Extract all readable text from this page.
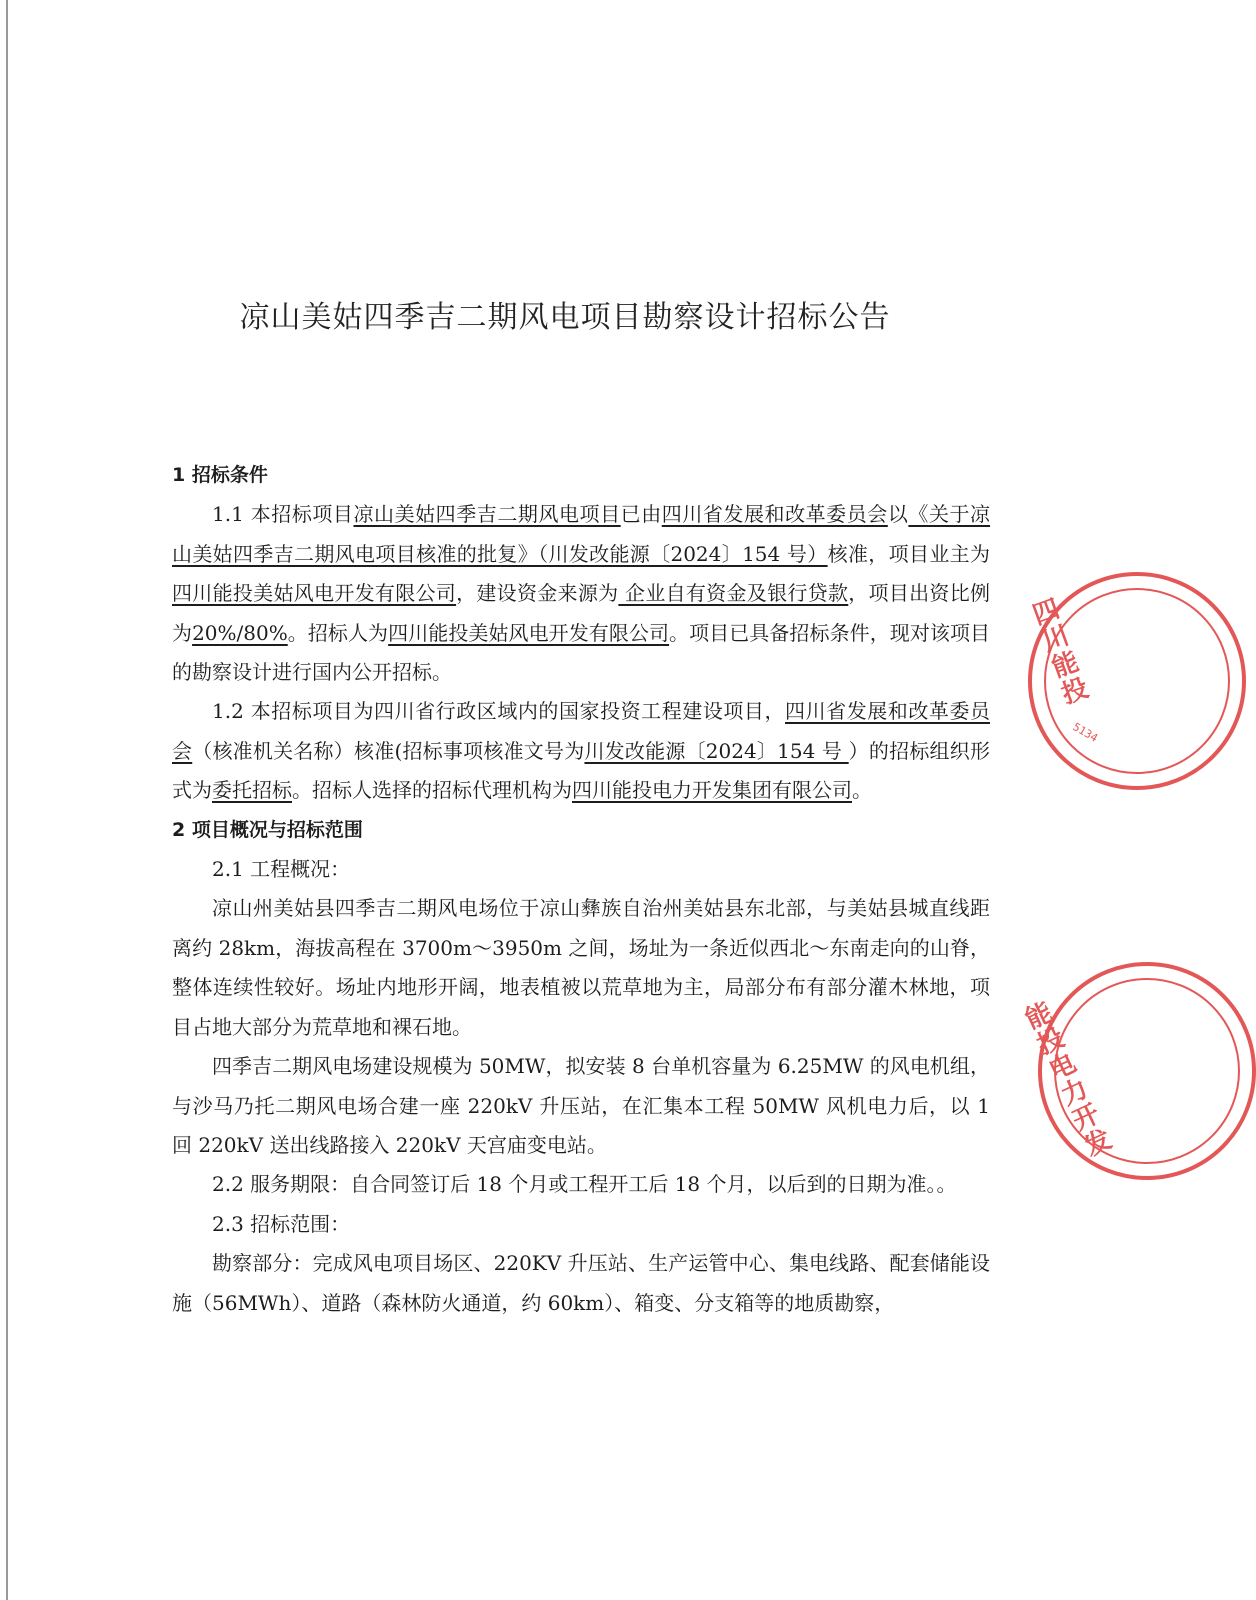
凉山美姑四季吉二期风电项目勘察设计招标公告
1 招标条件

1.1 本招标项目凉山美姑四季吉二期风电项目已由四川省发展和改革委员会以《关于凉山美姑四季吉二期风电项目核准的批复》（川发改能源〔2024〕154 号）核准，项目业主为四川能投美姑风电开发有限公司，建设资金来源为 企业自有资金及银行贷款，项目出资比例为20%/80%。招标人为四川能投美姑风电开发有限公司。项目已具备招标条件，现对该项目的勘察设计进行国内公开招标。

1.2 本招标项目为四川省行政区域内的国家投资工程建设项目，四川省发展和改革委员会（核准机关名称）核准(招标事项核准文号为川发改能源〔2024〕154 号 ）的招标组织形式为委托招标。招标人选择的招标代理机构为四川能投电力开发集团有限公司。

2 项目概况与招标范围

2.1 工程概况：

凉山州美姑县四季吉二期风电场位于凉山彝族自治州美姑县东北部，与美姑县城直线距离约 28km，海拔高程在 3700m～3950m 之间，场址为一条近似西北～东南走向的山脊，整体连续性较好。场址内地形开阔，地表植被以荒草地为主，局部分布有部分灌木林地，项目占地大部分为荒草地和裸石地。

四季吉二期风电场建设规模为 50MW，拟安装 8 台单机容量为 6.25MW 的风电机组，与沙马乃托二期风电场合建一座 220kV 升压站，在汇集本工程 50MW 风机电力后，以 1 回 220kV 送出线路接入 220kV 天宫庙变电站。

2.2 服务期限：自合同签订后 18 个月或工程开工后 18 个月，以后到的日期为准。。

2.3 招标范围：

勘察部分：完成风电项目场区、220KV 升压站、生产运管中心、集电线路、配套储能设施（56MWh）、道路（森林防火通道，约 60km）、箱变、分支箱等的地质勘察，

四川能投
5134
能投电力开发
